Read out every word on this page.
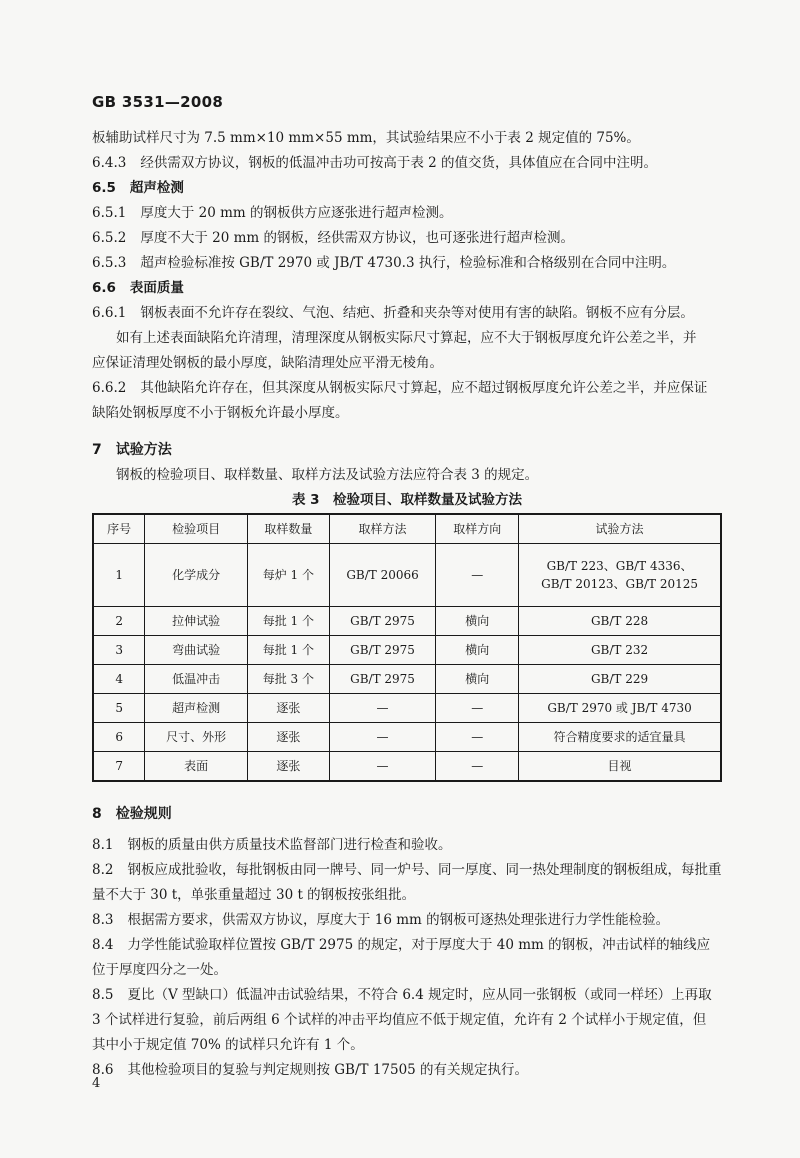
GB 3531—2008
板辅助试样尺寸为 7.5 mm×10 mm×55 mm，其试验结果应不小于表 2 规定值的 75%。
6.4.3 经供需双方协议，钢板的低温冲击功可按高于表 2 的值交货，具体值应在合同中注明。
6.5 超声检测
6.5.1 厚度大于 20 mm 的钢板供方应逐张进行超声检测。
6.5.2 厚度不大于 20 mm 的钢板，经供需双方协议，也可逐张进行超声检测。
6.5.3 超声检验标准按 GB/T 2970 或 JB/T 4730.3 执行，检验标准和合格级别在合同中注明。
6.6 表面质量
6.6.1 钢板表面不允许存在裂纹、气泡、结疤、折叠和夹杂等对使用有害的缺陷。钢板不应有分层。
如有上述表面缺陷允许清理，清理深度从钢板实际尺寸算起，应不大于钢板厚度允许公差之半，并
应保证清理处钢板的最小厚度，缺陷清理处应平滑无棱角。
6.6.2 其他缺陷允许存在，但其深度从钢板实际尺寸算起，应不超过钢板厚度允许公差之半，并应保证
缺陷处钢板厚度不小于钢板允许最小厚度。
7 试验方法
钢板的检验项目、取样数量、取样方法及试验方法应符合表 3 的规定。
表 3　检验项目、取样数量及试验方法
序号	检验项目	取样数量	取样方法	取样方向	试验方法
1	化学成分	每炉 1 个	GB/T 20066	—	GB/T 223、GB/T 4336、
GB/T 20123、GB/T 20125

2	拉伸试验	每批 1 个	GB/T 2975	横向	GB/T 228
3	弯曲试验	每批 1 个	GB/T 2975	横向	GB/T 232
4	低温冲击	每批 3 个	GB/T 2975	横向	GB/T 229
5	超声检测	逐张	—	—	GB/T 2970 或 JB/T 4730
6	尺寸、外形	逐张	—	—	符合精度要求的适宜量具
7	表面	逐张	—	—	目视
8 检验规则
8.1 钢板的质量由供方质量技术监督部门进行检查和验收。
8.2 钢板应成批验收，每批钢板由同一牌号、同一炉号、同一厚度、同一热处理制度的钢板组成，每批重
量不大于 30 t，单张重量超过 30 t 的钢板按张组批。
8.3 根据需方要求，供需双方协议，厚度大于 16 mm 的钢板可逐热处理张进行力学性能检验。
8.4 力学性能试验取样位置按 GB/T 2975 的规定，对于厚度大于 40 mm 的钢板，冲击试样的轴线应
位于厚度四分之一处。
8.5 夏比（V 型缺口）低温冲击试验结果，不符合 6.4 规定时，应从同一张钢板（或同一样坯）上再取
3 个试样进行复验，前后两组 6 个试样的冲击平均值应不低于规定值，允许有 2 个试样小于规定值，但
其中小于规定值 70% 的试样只允许有 1 个。
8.6 其他检验项目的复验与判定规则按 GB/T 17505 的有关规定执行。
4
